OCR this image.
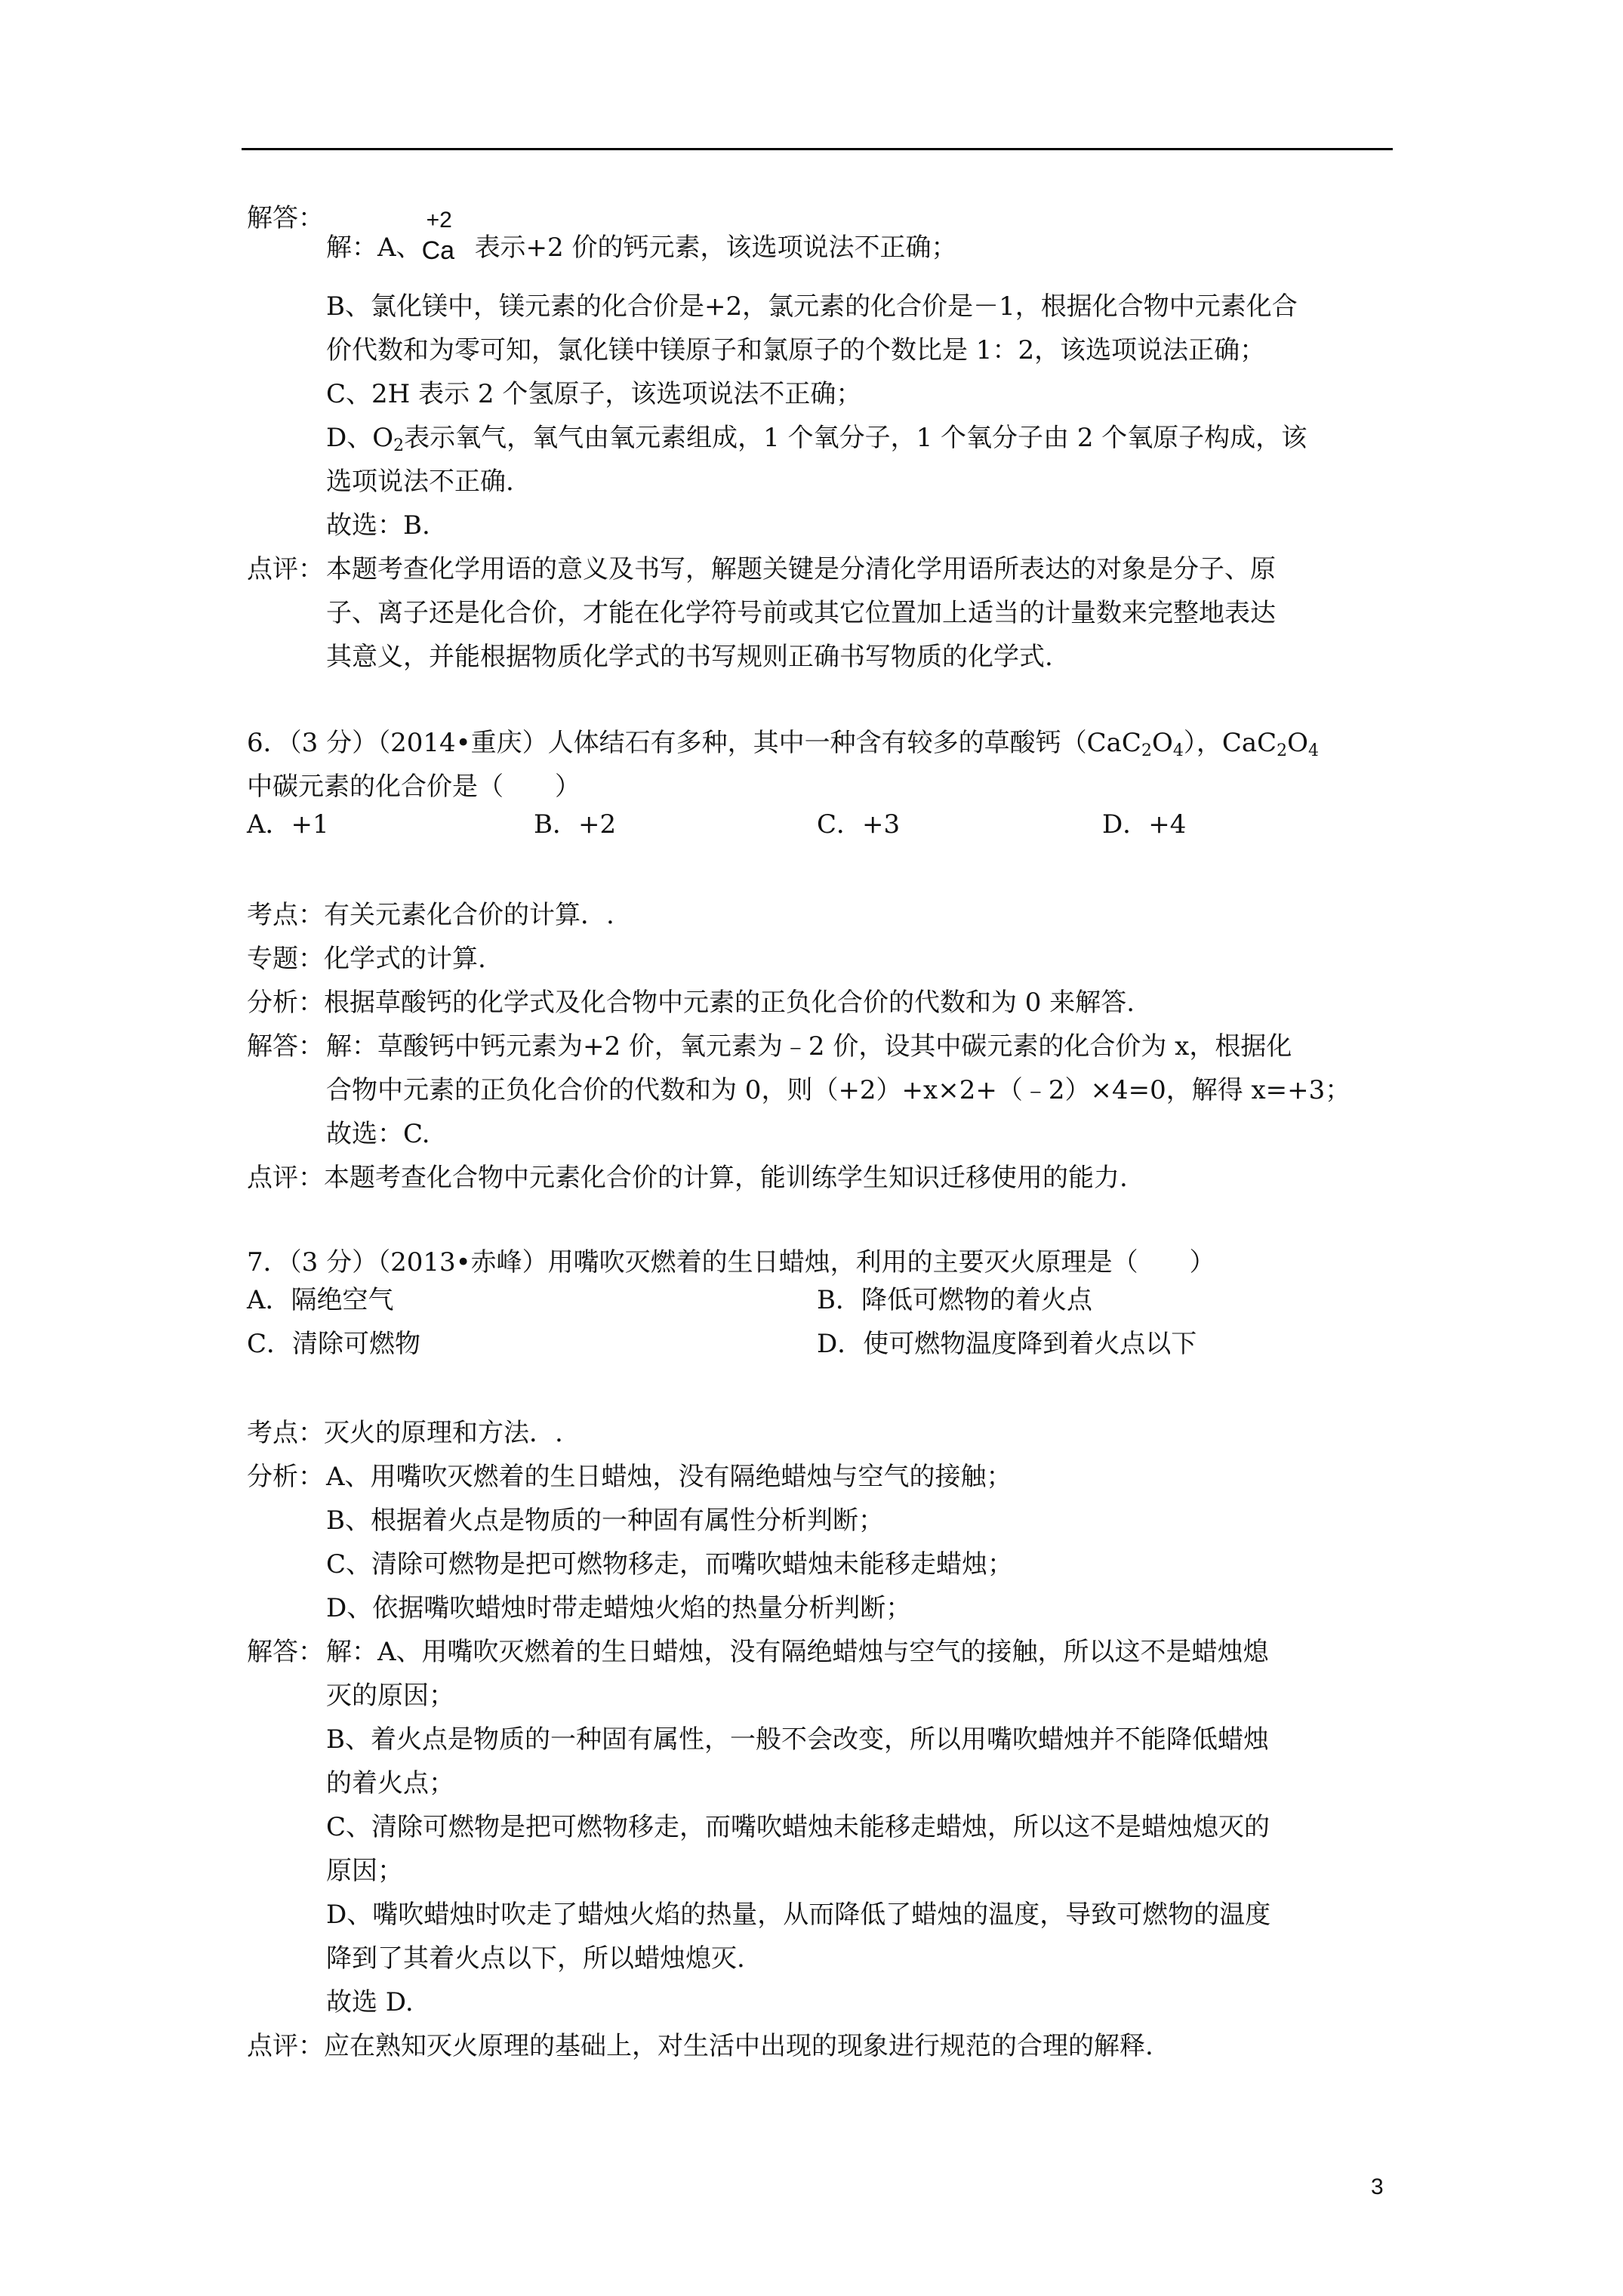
解答：
解：A、
+2
Ca 表示+2 价的钙元素，该选项说法不正确；
B、氯化镁中，镁元素的化合价是+2，氯元素的化合价是－1，根据化合物中元素化合
价代数和为零可知，氯化镁中镁原子和氯原子的个数比是 1：2，该选项说法正确；
C、2H 表示 2 个氢原子，该选项说法不正确；
D、$O_2$表示氧气，氧气由氧元素组成，1 个氧分子，1 个氧分子由 2 个氧原子构成，该
选项说法不正确.
故选：B.
点评： 本题考查化学用语的意义及书写，解题关键是分清化学用语所表达的对象是分子、原
子、离子还是化合价，才能在化学符号前或其它位置加上适当的计量数来完整地表达
其意义，并能根据物质化学式的书写规则正确书写物质的化学式.
6．（3 分）（2014•重庆）人体结石有多种，其中一种含有较多的草酸钙$(CaC_2O_4)$，$CaC_2O_4$
中碳元素的化合价是（　　）
A．+1	B．+2	C．+3	D．+4
考点：有关元素化合价的计算．.
专题：化学式的计算.
分析：根据草酸钙的化学式及化合物中元素的正负化合价的代数和为 0 来解答.
解答： 解：草酸钙中钙元素为+2 价，氧元素为﹣2 价，设其中碳元素的化合价为 x，根据化
合物中元素的正负化合价的代数和为 0，则（+2）+x×2+（﹣2）×4=0，解得 x=+3；
故选：C.
点评：本题考查化合物中元素化合价的计算，能训练学生知识迁移使用的能力.
7．（3 分）（2013•赤峰）用嘴吹灭燃着的生日蜡烛，利用的主要灭火原理是（　　）
A．隔绝空气	B．降低可燃物的着火点
C．清除可燃物	D．使可燃物温度降到着火点以下
考点：灭火的原理和方法．.
分析： A、用嘴吹灭燃着的生日蜡烛，没有隔绝蜡烛与空气的接触；
B、根据着火点是物质的一种固有属性分析判断；
C、清除可燃物是把可燃物移走，而嘴吹蜡烛未能移走蜡烛；
D、依据嘴吹蜡烛时带走蜡烛火焰的热量分析判断；
解答： 解：A、用嘴吹灭燃着的生日蜡烛，没有隔绝蜡烛与空气的接触，所以这不是蜡烛熄
灭的原因；
B、着火点是物质的一种固有属性，一般不会改变，所以用嘴吹蜡烛并不能降低蜡烛
的着火点；
C、清除可燃物是把可燃物移走，而嘴吹蜡烛未能移走蜡烛，所以这不是蜡烛熄灭的
原因；
D、嘴吹蜡烛时吹走了蜡烛火焰的热量，从而降低了蜡烛的温度，导致可燃物的温度
降到了其着火点以下，所以蜡烛熄灭.
故选 D.
点评：应在熟知灭火原理的基础上，对生活中出现的现象进行规范的合理的解释.
3
